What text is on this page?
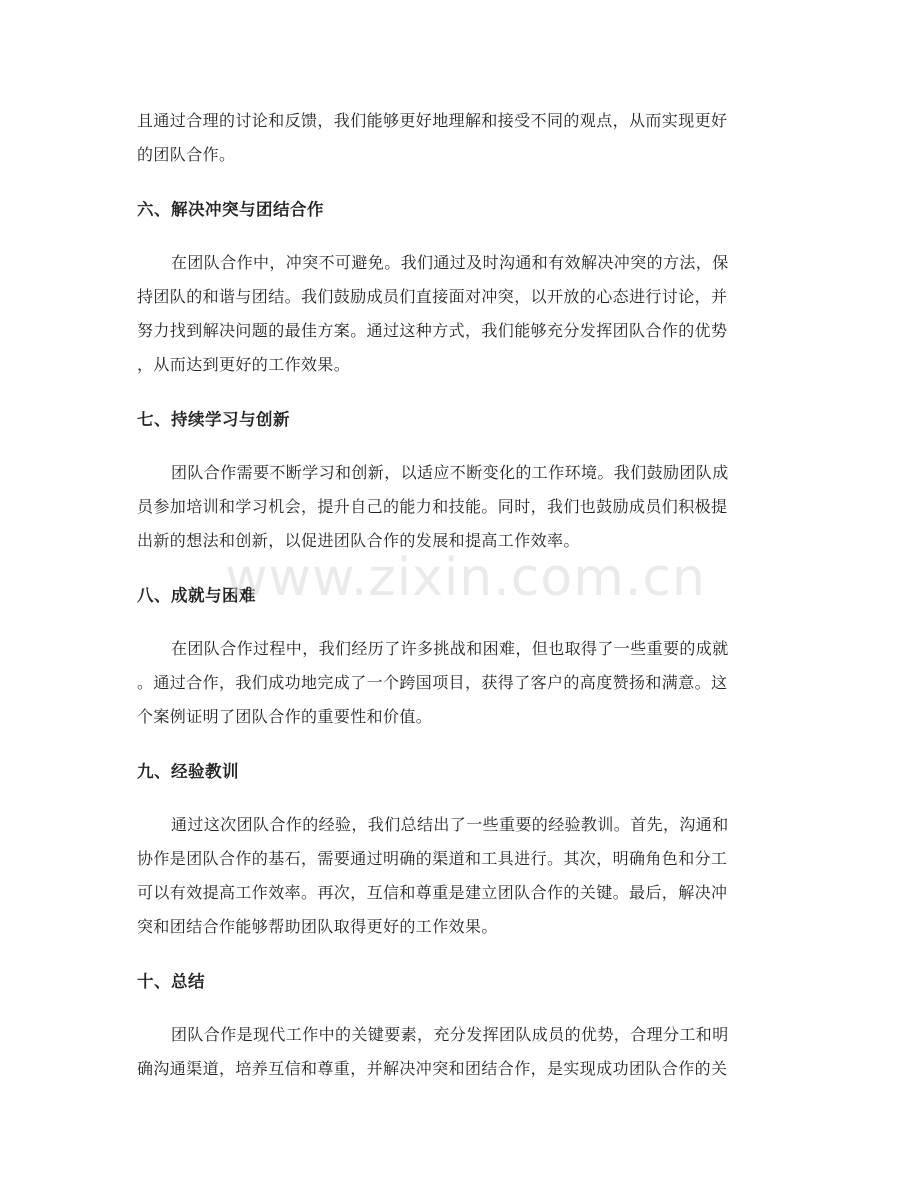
且通过合理的讨论和反馈，我们能够更好地理解和接受不同的观点，从而实现更好
的团队合作。
六、解决冲突与团结合作
在团队合作中，冲突不可避免。我们通过及时沟通和有效解决冲突的方法，保
持团队的和谐与团结。我们鼓励成员们直接面对冲突，以开放的心态进行讨论，并
努力找到解决问题的最佳方案。通过这种方式，我们能够充分发挥团队合作的优势
，从而达到更好的工作效果。
七、持续学习与创新
团队合作需要不断学习和创新，以适应不断变化的工作环境。我们鼓励团队成
员参加培训和学习机会，提升自己的能力和技能。同时，我们也鼓励成员们积极提
出新的想法和创新，以促进团队合作的发展和提高工作效率。
八、成就与困难
在团队合作过程中，我们经历了许多挑战和困难，但也取得了一些重要的成就
。通过合作，我们成功地完成了一个跨国项目，获得了客户的高度赞扬和满意。这
个案例证明了团队合作的重要性和价值。
九、经验教训
通过这次团队合作的经验，我们总结出了一些重要的经验教训。首先，沟通和
协作是团队合作的基石，需要通过明确的渠道和工具进行。其次，明确角色和分工
可以有效提高工作效率。再次，互信和尊重是建立团队合作的关键。最后，解决冲
突和团结合作能够帮助团队取得更好的工作效果。
十、总结
团队合作是现代工作中的关键要素，充分发挥团队成员的优势，合理分工和明
确沟通渠道，培养互信和尊重，并解决冲突和团结合作，是实现成功团队合作的关
www.zixin.com.cn
